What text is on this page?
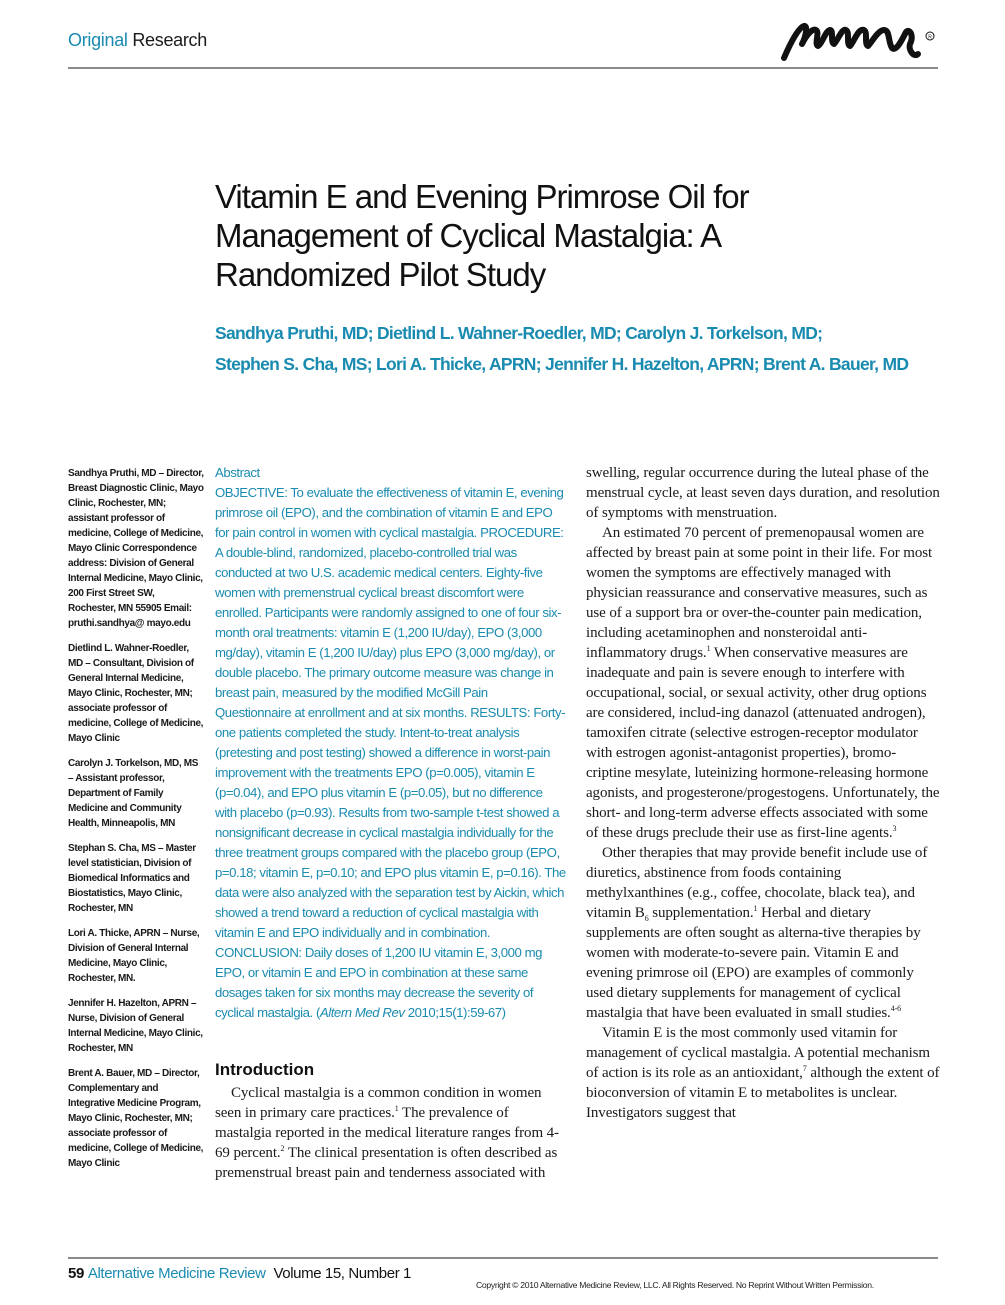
Original Research	R
Vitamin E and Evening Primrose Oil for Management of Cyclical Mastalgia: A Randomized Pilot Study
Sandhya Pruthi, MD; Dietlind L. Wahner-Roedler, MD; Carolyn J. Torkelson, MD;
Stephen S. Cha, MS; Lori A. Thicke, APRN; Jennifer H. Hazelton, APRN; Brent A. Bauer, MD

Sandhya Pruthi, MD – Director, Breast Diagnostic Clinic, Mayo Clinic, Rochester, MN; assistant professor of medicine, College of Medicine, Mayo Clinic Correspondence address: Division of General Internal Medicine, Mayo Clinic, 200 First Street SW, Rochester, MN 55905 Email: pruthi.sandhya@ mayo.edu

Dietlind L. Wahner-Roedler, MD – Consultant, Division of General Internal Medicine, Mayo Clinic, Rochester, MN; associate professor of medicine, College of Medicine, Mayo Clinic

Carolyn J. Torkelson, MD, MS – Assistant professor, Department of Family Medicine and Community Health, Minneapolis, MN

Stephan S. Cha, MS – Master level statistician, Division of Biomedical Informatics and Biostatistics, Mayo Clinic, Rochester, MN

Lori A. Thicke, APRN – Nurse, Division of General Internal Medicine, Mayo Clinic, Rochester, MN.

Jennifer H. Hazelton, APRN – Nurse, Division of General Internal Medicine, Mayo Clinic, Rochester, MN

Brent A. Bauer, MD – Director, Complementary and Integrative Medicine Program, Mayo Clinic, Rochester, MN; associate professor of medicine, College of Medicine, Mayo Clinic

Abstract
OBJECTIVE: To evaluate the effectiveness of vitamin E, evening primrose oil (EPO), and the combination of vitamin E and EPO for pain control in women with cyclical mastalgia. PROCEDURE: A double-blind, randomized, placebo-controlled trial was conducted at two U.S. academic medical centers. Eighty-five women with premenstrual cyclical breast discomfort were enrolled. Participants were randomly assigned to one of four six-month oral treatments: vitamin E (1,200 IU/day), EPO (3,000 mg/day), vitamin E (1,200 IU/day) plus EPO (3,000 mg/day), or double placebo. The primary outcome measure was change in breast pain, measured by the modified McGill Pain Questionnaire at enrollment and at six months. RESULTS: Forty-one patients completed the study. Intent-to-treat analysis (pretesting and post testing) showed a difference in worst-pain improvement with the treatments EPO (p=0.005), vitamin E (p=0.04), and EPO plus vitamin E (p=0.05), but no difference with placebo (p=0.93). Results from two-sample t-test showed a nonsignificant decrease in cyclical mastalgia individually for the three treatment groups compared with the placebo group (EPO, p=0.18; vitamin E, p=0.10; and EPO plus vitamin E, p=0.16). The data were also analyzed with the separation test by Aickin, which showed a trend toward a reduction of cyclical mastalgia with vitamin E and EPO individually and in combination. CONCLUSION: Daily doses of 1,200 IU vitamin E, 3,000 mg EPO, or vitamin E and EPO in combination at these same dosages taken for six months may decrease the severity of cyclical mastalgia. (Altern Med Rev 2010;15(1):59-67)
Introduction

Cyclical mastalgia is a common condition in women seen in primary care practices.$^1$ The prevalence of mastalgia reported in the medical literature ranges from 4-69 percent.$^2$ The clinical presentation is often described as premenstrual breast pain and tenderness associated with

swelling, regular occurrence during the luteal phase of the menstrual cycle, at least seven days duration, and resolution of symptoms with menstruation.

An estimated 70 percent of premenopausal women are affected by breast pain at some point in their life. For most women the symptoms are effectively managed with physician reassurance and conservative measures, such as use of a support bra or over-the-counter pain medication, including acetaminophen and nonsteroidal anti-inflammatory drugs.$^1$ When conservative measures are inadequate and pain is severe enough to interfere with occupational, social, or sexual activity, other drug options are considered, includ-ing danazol (attenuated androgen), tamoxifen citrate (selective estrogen-receptor modulator with estrogen agonist-antagonist properties), bromo-criptine mesylate, luteinizing hormone-releasing hormone agonists, and progesterone/progestogens. Unfortunately, the short- and long-term adverse effects associated with some of these drugs preclude their use as first-line agents.$^3$

Other therapies that may provide benefit include use of diuretics, abstinence from foods containing methylxanthines (e.g., coffee, chocolate, black tea), and vitamin $B_6$ supplementation.$^1$ Herbal and dietary supplements are often sought as alterna-tive therapies by women with moderate-to-severe pain. Vitamin E and evening primrose oil (EPO) are examples of commonly used dietary supplements for management of cyclical mastalgia that have been evaluated in small studies.$^{4-6}$

Vitamin E is the most commonly used vitamin for management of cyclical mastalgia. A potential mechanism of action is its role as an antioxidant,$^7$ although the extent of bioconversion of vitamin E to metabolites is unclear. Investigators suggest that

59 Alternative Medicine Review Volume 15, Number 1
Copyright © 2010 Alternative Medicine Review, LLC. All Rights Reserved. No Reprint Without Written Permission.
